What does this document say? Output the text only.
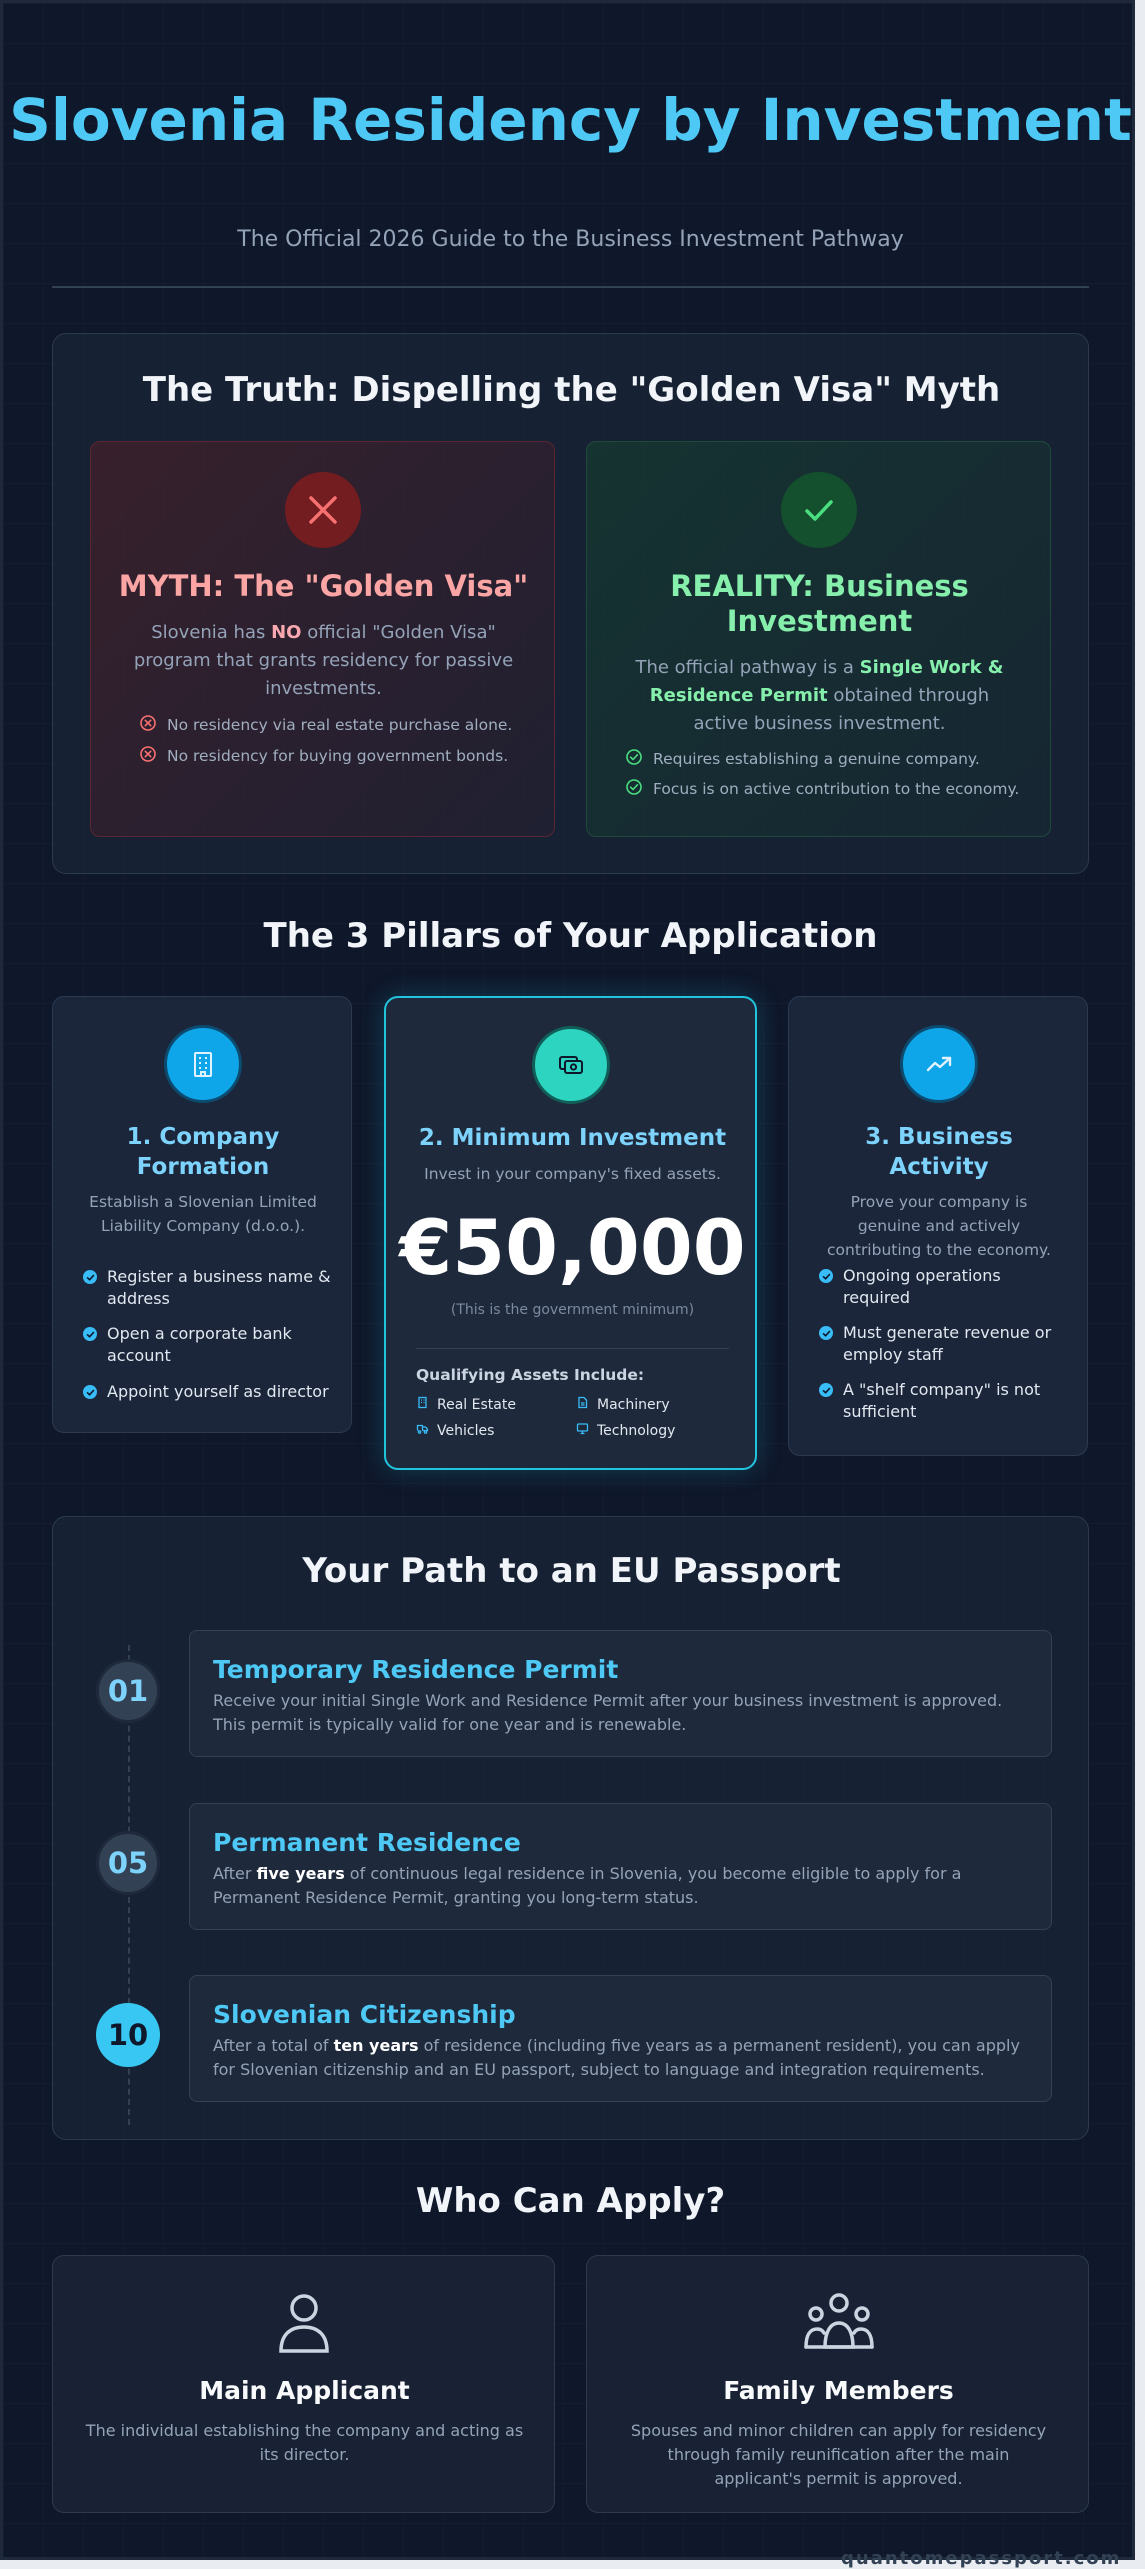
Slovenia Residency by Investment
The Official 2026 Guide to the Business Investment Pathway
The Truth: Dispelling the "Golden Visa" Myth
MYTH: The "Golden Visa"
Slovenia has NO official "Golden Visa" program that grants residency for passive investments.
No residency via real estate purchase alone.
No residency for buying government bonds.
REALITY: Business Investment
The official pathway is a Single Work & Residence Permit obtained through active business investment.
Requires establishing a genuine company.
Focus is on active contribution to the economy.
The 3 Pillars of Your Application
1. Company Formation
Establish a Slovenian Limited Liability Company (d.o.o.).
Register a business name & address
Open a corporate bank account
Appoint yourself as director
2. Minimum Investment
Invest in your company's fixed assets.
€50,000
(This is the government minimum)
Qualifying Assets Include:
Real Estate	Machinery
Vehicles	Technology
3. Business Activity
Prove your company is genuine and actively contributing to the economy.
Ongoing operations required
Must generate revenue or employ staff
A "shelf company" is not sufficient
Your Path to an EU Passport
01
Temporary Residence Permit
Receive your initial Single Work and Residence Permit after your business investment is approved. This permit is typically valid for one year and is renewable.
05
Permanent Residence
After five years of continuous legal residence in Slovenia, you become eligible to apply for a Permanent Residence Permit, granting you long-term status.
10
Slovenian Citizenship
After a total of ten years of residence (including five years as a permanent resident), you can apply for Slovenian citizenship and an EU passport, subject to language and integration requirements.
Who Can Apply?
Main Applicant
The individual establishing the company and acting as its director.
Family Members
Spouses and minor children can apply for residency through family reunification after the main applicant's permit is approved.
quantomepassport.com
